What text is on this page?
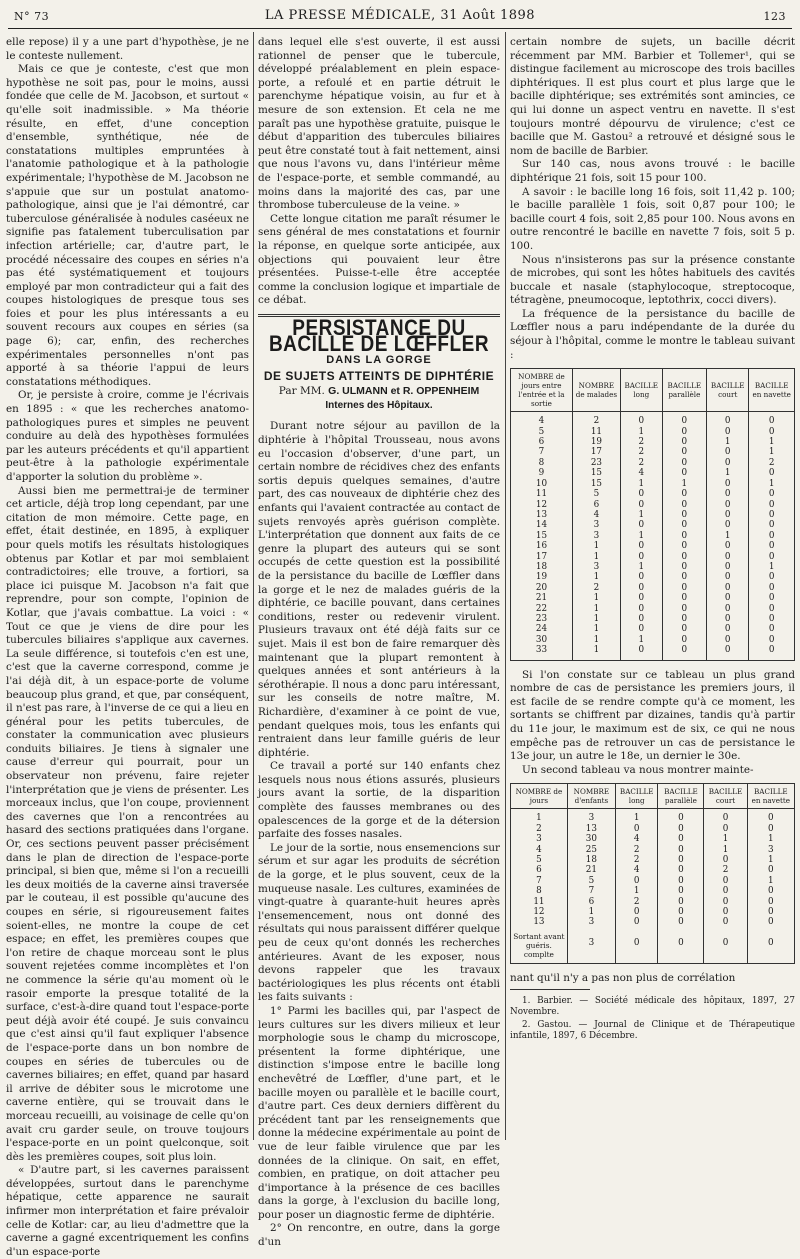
N° 73	LA PRESSE MÉDICALE, 31 Août 1898	123

elle repose) il y a une part d'hypothèse, je ne le conteste nullement.

Mais ce que je conteste, c'est que mon hypothèse ne soit pas, pour le moins, aussi fondée que celle de M. Jacobson, et surtout « qu'elle soit inadmissible. » Ma théorie résulte, en effet, d'une conception d'ensemble, synthétique, née de constatations multiples empruntées à l'anatomie pathologique et à la pathologie expérimentale; l'hypothèse de M. Jacobson ne s'appuie que sur un postulat anatomo-pathologique, ainsi que je l'ai démontré, car tuberculose généralisée à nodules caséeux ne signifie pas fatalement tuberculisation par infection artérielle; car, d'autre part, le procédé nécessaire des coupes en séries n'a pas été systématiquement et toujours employé par mon contradicteur qui a fait des coupes histologiques de presque tous ses foies et pour les plus intéressants a eu souvent recours aux coupes en séries (sa page 6); car, enfin, des recherches expérimentales personnelles n'ont pas apporté à sa théorie l'appui de leurs constatations méthodiques.

Or, je persiste à croire, comme je l'écrivais en 1895 : « que les recherches anatomo-pathologiques pures et simples ne peuvent conduire au delà des hypothèses formulées par les auteurs précédents et qu'il appartient peut-être à la pathologie expérimentale d'apporter la solution du problème ».

Aussi bien me permettrai-je de terminer cet article, déjà trop long cependant, par une citation de mon mémoire. Cette page, en effet, était destinée, en 1895, à expliquer pour quels motifs les résultats histologiques obtenus par Kotlar et par moi semblaient contradictoires; elle trouve, a fortiori, sa place ici puisque M. Jacobson n'a fait que reprendre, pour son compte, l'opinion de Kotlar, que j'avais combattue. La voici : « Tout ce que je viens de dire pour les tubercules biliaires s'applique aux cavernes. La seule différence, si toutefois c'en est une, c'est que la caverne correspond, comme je l'ai déjà dit, à un espace-porte de volume beaucoup plus grand, et que, par conséquent, il n'est pas rare, à l'inverse de ce qui a lieu en général pour les petits tubercules, de constater la communication avec plusieurs conduits biliaires. Je tiens à signaler une cause d'erreur qui pourrait, pour un observateur non prévenu, faire rejeter l'interprétation que je viens de présenter. Les morceaux inclus, que l'on coupe, proviennent des cavernes que l'on a rencontrées au hasard des sections pratiquées dans l'organe. Or, ces sections peuvent passer précisément dans le plan de direction de l'espace-porte principal, si bien que, même si l'on a recueilli les deux moitiés de la caverne ainsi traversée par le couteau, il est possible qu'aucune des coupes en série, si rigoureusement faites soient-elles, ne montre la coupe de cet espace; en effet, les premières coupes que l'on retire de chaque morceau sont le plus souvent rejetées comme incomplètes et l'on ne commence la série qu'au moment où le rasoir emporte la presque totalité de la surface, c'est-à-dire quand tout l'espace-porte peut déjà avoir été coupé. Je suis convaincu que c'est ainsi qu'il faut expliquer l'absence de l'espace-porte dans un bon nombre de coupes en séries de tubercules ou de cavernes biliaires; en effet, quand par hasard il arrive de débiter sous le microtome une caverne entière, qui se trouvait dans le morceau recueilli, au voisinage de celle qu'on avait cru garder seule, on trouve toujours l'espace-porte en un point quelconque, soit dès les premières coupes, soit plus loin.

« D'autre part, si les cavernes paraissent développées, surtout dans le parenchyme hépatique, cette apparence ne saurait infirmer mon interprétation et faire prévaloir celle de Kotlar: car, au lieu d'admettre que la caverne a gagné excentriquement les confins d'un espace-porte

dans lequel elle s'est ouverte, il est aussi rationnel de penser que le tubercule, développé préalablement en plein espace-porte, a refoulé et en partie détruit le parenchyme hépatique voisin, au fur et à mesure de son extension. Et cela ne me paraît pas une hypothèse gratuite, puisque le début d'apparition des tubercules biliaires peut être constaté tout à fait nettement, ainsi que nous l'avons vu, dans l'intérieur même de l'espace-porte, et semble commandé, au moins dans la majorité des cas, par une thrombose tuberculeuse de la veine. »

Cette longue citation me paraît résumer le sens général de mes constatations et fournir la réponse, en quelque sorte anticipée, aux objections qui pouvaient leur être présentées. Puisse-t-elle être acceptée comme la conclusion logique et impartiale de ce débat.

PERSISTANCE DU BACILLE DE LŒFFLER
DANS LA GORGE
DE SUJETS ATTEINTS DE DIPHTÉRIE
Par MM. G. ULMANN et R. OPPENHEIM
Internes des Hôpitaux.

Durant notre séjour au pavillon de la diphtérie à l'hôpital Trousseau, nous avons eu l'occasion d'observer, d'une part, un certain nombre de récidives chez des enfants sortis depuis quelques semaines, d'autre part, des cas nouveaux de diphtérie chez des enfants qui l'avaient contractée au contact de sujets renvoyés après guérison complète. L'interprétation que donnent aux faits de ce genre la plupart des auteurs qui se sont occupés de cette question est la possibilité de la persistance du bacille de Lœffler dans la gorge et le nez de malades guéris de la diphtérie, ce bacille pouvant, dans certaines conditions, rester ou redevenir virulent. Plusieurs travaux ont été déjà faits sur ce sujet. Mais il est bon de faire remarquer dès maintenant que la plupart remontent à quelques années et sont antérieurs à la sérothérapie. Il nous a donc paru intéressant, sur les conseils de notre maître, M. Richardière, d'examiner à ce point de vue, pendant quelques mois, tous les enfants qui rentraient dans leur famille guéris de leur diphtérie.

Ce travail a porté sur 140 enfants chez lesquels nous nous étions assurés, plusieurs jours avant la sortie, de la disparition complète des fausses membranes ou des opalescences de la gorge et de la détersion parfaite des fosses nasales.

Le jour de la sortie, nous ensemencions sur sérum et sur agar les produits de sécrétion de la gorge, et le plus souvent, ceux de la muqueuse nasale. Les cultures, examinées de vingt-quatre à quarante-huit heures après l'ensemencement, nous ont donné des résultats qui nous paraissent différer quelque peu de ceux qu'ont donnés les recherches antérieures. Avant de les exposer, nous devons rappeler que les travaux bactériologiques les plus récents ont établi les faits suivants :

1° Parmi les bacilles qui, par l'aspect de leurs cultures sur les divers milieux et leur morphologie sous le champ du microscope, présentent la forme diphtérique, une distinction s'impose entre le bacille long enchevêtré de Lœffler, d'une part, et le bacille moyen ou parallèle et le bacille court, d'autre part. Ces deux derniers diffèrent du précédent tant par les renseignements que donne la médecine expérimentale au point de vue de leur faible virulence que par les données de la clinique. On sait, en effet, combien, en pratique, on doit attacher peu d'importance à la présence de ces bacilles dans la gorge, à l'exclusion du bacille long, pour poser un diagnostic ferme de diphtérie.

2° On rencontre, en outre, dans la gorge d'un

certain nombre de sujets, un bacille décrit récemment par MM. Barbier et Tollemer¹, qui se distingue facilement au microscope des trois bacilles diphtériques. Il est plus court et plus large que le bacille diphtérique; ses extrémités sont amincies, ce qui lui donne un aspect ventru en navette. Il s'est toujours montré dépourvu de virulence; c'est ce bacille que M. Gastou² a retrouvé et désigné sous le nom de bacille de Barbier.

Sur 140 cas, nous avons trouvé : le bacille diphtérique 21 fois, soit 15 pour 100.

A savoir : le bacille long 16 fois, soit 11,42 p. 100; le bacille parallèle 1 fois, soit 0,87 pour 100; le bacille court 4 fois, soit 2,85 pour 100. Nous avons en outre rencontré le bacille en navette 7 fois, soit 5 p. 100.

Nous n'insisterons pas sur la présence constante de microbes, qui sont les hôtes habituels des cavités buccale et nasale (staphylocoque, streptocoque, tétragène, pneumocoque, leptothrix, cocci divers).

La fréquence de la persistance du bacille de Lœffler nous a paru indépendante de la durée du séjour à l'hôpital, comme le montre le tableau suivant :

NOMBRE de jours entre l'entrée et la sortie	NOMBRE de malades	BACILLE long	BACILLE parallèle	BACILLE court	BACILLE en navette
4	2	0	0	0	0
5	11	1	0	0	0
6	19	2	0	1	1
7	17	2	0	0	1
8	23	2	0	0	2
9	15	4	0	1	0
10	15	1	1	0	1
11	5	0	0	0	0
12	6	0	0	0	0
13	4	1	0	0	0
14	3	0	0	0	0
15	3	1	0	1	0
16	1	0	0	0	0
17	1	0	0	0	0
18	3	1	0	0	1
19	1	0	0	0	0
20	2	0	0	0	0
21	1	0	0	0	0
22	1	0	0	0	0
23	1	0	0	0	0
24	1	0	0	0	0
30	1	1	0	0	0
33	1	0	0	0	0

Si l'on constate sur ce tableau un plus grand nombre de cas de persistance les premiers jours, il est facile de se rendre compte qu'à ce moment, les sortants se chiffrent par dizaines, tandis qu'à partir du 11e jour, le maximum est de six, ce qui ne nous empêche pas de retrouver un cas de persistance le 13e jour, un autre le 18e, un dernier le 30e.

Un second tableau va nous montrer mainte-

NOMBRE de jours	NOMBRE d'enfants	BACILLE long	BACILLE parallèle	BACILLE court	BACILLE en navette
1	3	1	0	0	0
2	13	0	0	0	0
3	30	4	0	1	1
4	25	2	0	1	3
5	18	2	0	0	1
6	21	4	0	2	0
7	5	0	0	0	1
8	7	1	0	0	0
11	6	2	0	0	0
12	1	0	0	0	0
13	3	0	0	0	0
Sortant avant guéris. complte	3	0	0	0	0

nant qu'il n'y a pas non plus de corrélation

1. Barbier. — Société médicale des hôpitaux, 1897, 27 Novembre.

2. Gastou. — Journal de Clinique et de Thérapeutique infantile, 1897, 6 Décembre.
